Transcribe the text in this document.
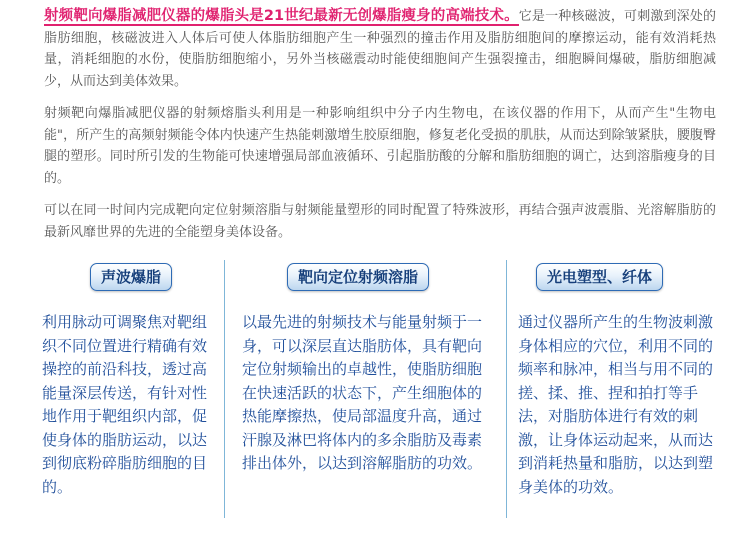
射频靶向爆脂减肥仪器的爆脂头是21世纪最新无创爆脂瘦身的高端技术。它是一种核磁波，可刺激到深处的脂肪细胞，核磁波进入人体后可使人体脂肪细胞产生一种强烈的撞击作用及脂肪细胞间的摩擦运动，能有效消耗热量，消耗细胞的水份，使脂肪细胞缩小，另外当核磁震动时能使细胞间产生强裂撞击，细胞瞬间爆破，脂肪细胞减少，从而达到美体效果。

射频靶向爆脂减肥仪器的射频熔脂头利用是一种影响组织中分子内生物电，在该仪器的作用下，从而产生"生物电能"，所产生的高频射频能令体内快速产生热能刺激增生胶原细胞，修复老化受损的肌肤，从而达到除皱紧肤，腰腹臀腿的塑形。同时所引发的生物能可快速增强局部血液循环、引起脂肪酸的分解和脂肪细胞的调亡，达到溶脂瘦身的目的。

可以在同一时间内完成靶向定位射频溶脂与射频能量塑形的同时配置了特殊波形，再结合强声波震脂、光溶解脂肪的最新风靡世界的先进的全能塑身美体设备。

声波爆脂
利用脉动可调聚焦对靶组织不同位置进行精确有效操控的前沿科技，透过高能量深层传送，有针对性地作用于靶组织内部，促使身体的脂肪运动，以达到彻底粉碎脂肪细胞的目的。
靶向定位射频溶脂
以最先进的射频技术与能量射频于一身，可以深层直达脂肪体，具有靶向定位射频输出的卓越性，使脂肪细胞在快速活跃的状态下，产生细胞体的热能摩擦热，使局部温度升高，通过汗腺及淋巴将体内的多余脂肪及毒素排出体外，以达到溶解脂肪的功效。
光电塑型、纤体
通过仪器所产生的生物波刺激身体相应的穴位，利用不同的频率和脉冲，相当与用不同的搓、揉、推、捏和拍打等手法，对脂肪体进行有效的刺激，让身体运动起来，从而达到消耗热量和脂肪，以达到塑身美体的功效。
